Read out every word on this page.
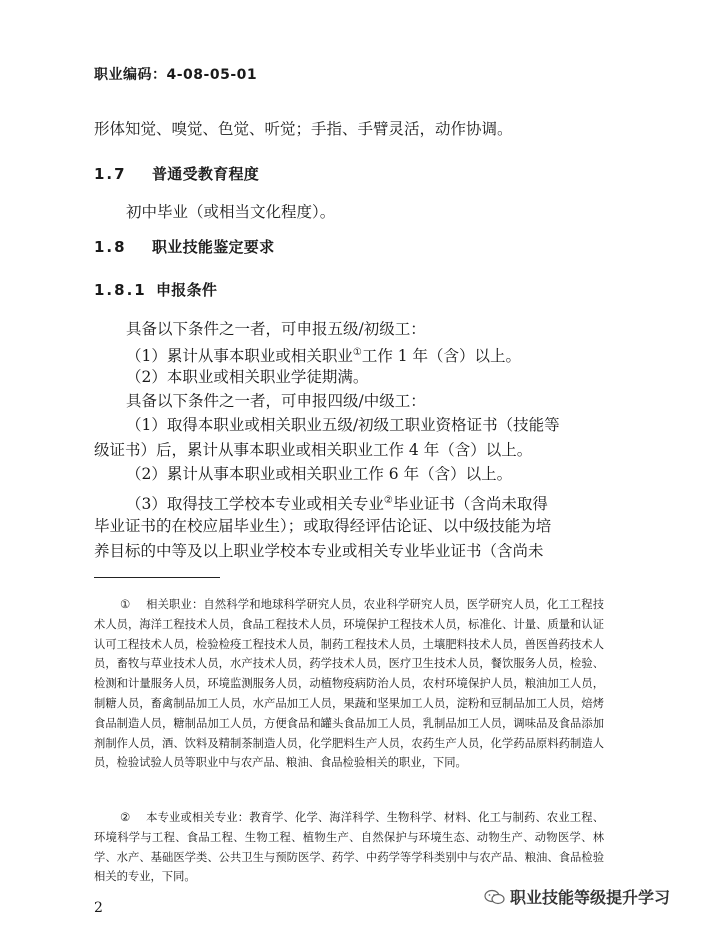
职业编码：4-08-05-01
形体知觉、嗅觉、色觉、听觉；手指、手臂灵活，动作协调。
1.7 普通受教育程度
初中毕业（或相当文化程度）。
1.8 职业技能鉴定要求
1.8.1 申报条件
具备以下条件之一者，可申报五级/初级工：
（1）累计从事本职业或相关职业①工作 1 年（含）以上。
（2）本职业或相关职业学徒期满。
具备以下条件之一者，可申报四级/中级工：
（1）取得本职业或相关职业五级/初级工职业资格证书（技能等
级证书）后，累计从事本职业或相关职业工作 4 年（含）以上。
（2）累计从事本职业或相关职业工作 6 年（含）以上。
（3）取得技工学校本专业或相关专业②毕业证书（含尚未取得
毕业证书的在校应届毕业生）；或取得经评估论证、以中级技能为培
养目标的中等及以上职业学校本专业或相关专业毕业证书（含尚未
① 相关职业：自然科学和地球科学研究人员，农业科学研究人员，医学研究人员，化工工程技术人员，海洋工程技术人员，食品工程技术人员，环境保护工程技术人员，标准化、计量、质量和认证认可工程技术人员，检验检疫工程技术人员，制药工程技术人员，土壤肥料技术人员，兽医兽药技术人员，畜牧与草业技术人员，水产技术人员，药学技术人员，医疗卫生技术人员，餐饮服务人员，检验、检测和计量服务人员，环境监测服务人员，动植物疫病防治人员，农村环境保护人员，粮油加工人员，制糖人员，畜禽制品加工人员，水产品加工人员，果蔬和坚果加工人员，淀粉和豆制品加工人员，焙烤食品制造人员，糖制品加工人员，方便食品和罐头食品加工人员，乳制品加工人员，调味品及食品添加剂制作人员，酒、饮料及精制茶制造人员，化学肥料生产人员，农药生产人员，化学药品原料药制造人员，检验试验人员等职业中与农产品、粮油、食品检验相关的职业，下同。
② 本专业或相关专业：教育学、化学、海洋科学、生物科学、材料、化工与制药、农业工程、环境科学与工程、食品工程、生物工程、植物生产、自然保护与环境生态、动物生产、动物医学、林学、水产、基础医学类、公共卫生与预防医学、药学、中药学等学科类别中与农产品、粮油、食品检验相关的专业，下同。
2
职业技能等级提升学习
